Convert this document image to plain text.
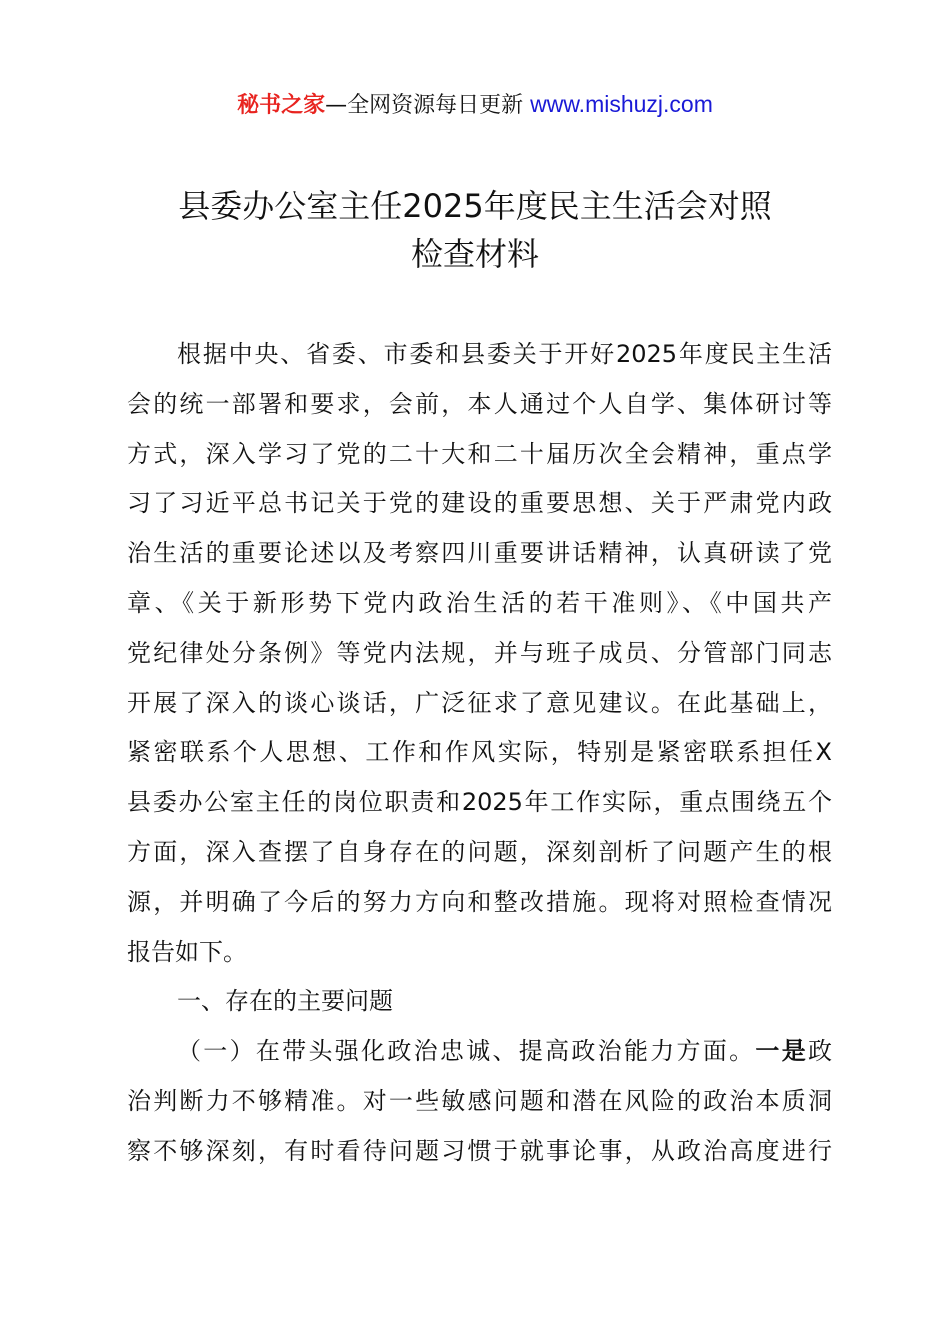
秘书之家—全网资源每日更新 www.mishuzj.com
县委办公室主任2025年度民主生活会对照
检查材料
根据中央、省委、市委和县委关于开好2025年度民主生活
会的统一部署和要求，会前，本人通过个人自学、集体研讨等
方式，深入学习了党的二十大和二十届历次全会精神，重点学
习了习近平总书记关于党的建设的重要思想、关于严肃党内政
治生活的重要论述以及考察四川重要讲话精神，认真研读了党
章、《关于新形势下党内政治生活的若干准则》、《中国共产
党纪律处分条例》等党内法规，并与班子成员、分管部门同志
开展了深入的谈心谈话，广泛征求了意见建议。在此基础上，
紧密联系个人思想、工作和作风实际，特别是紧密联系担任X
县委办公室主任的岗位职责和2025年工作实际，重点围绕五个
方面，深入查摆了自身存在的问题，深刻剖析了问题产生的根
源，并明确了今后的努力方向和整改措施。现将对照检查情况
报告如下。
一、存在的主要问题
（一）在带头强化政治忠诚、提高政治能力方面。一是政
治判断力不够精准。对一些敏感问题和潜在风险的政治本质洞
察不够深刻，有时看待问题习惯于就事论事，从政治高度进行
